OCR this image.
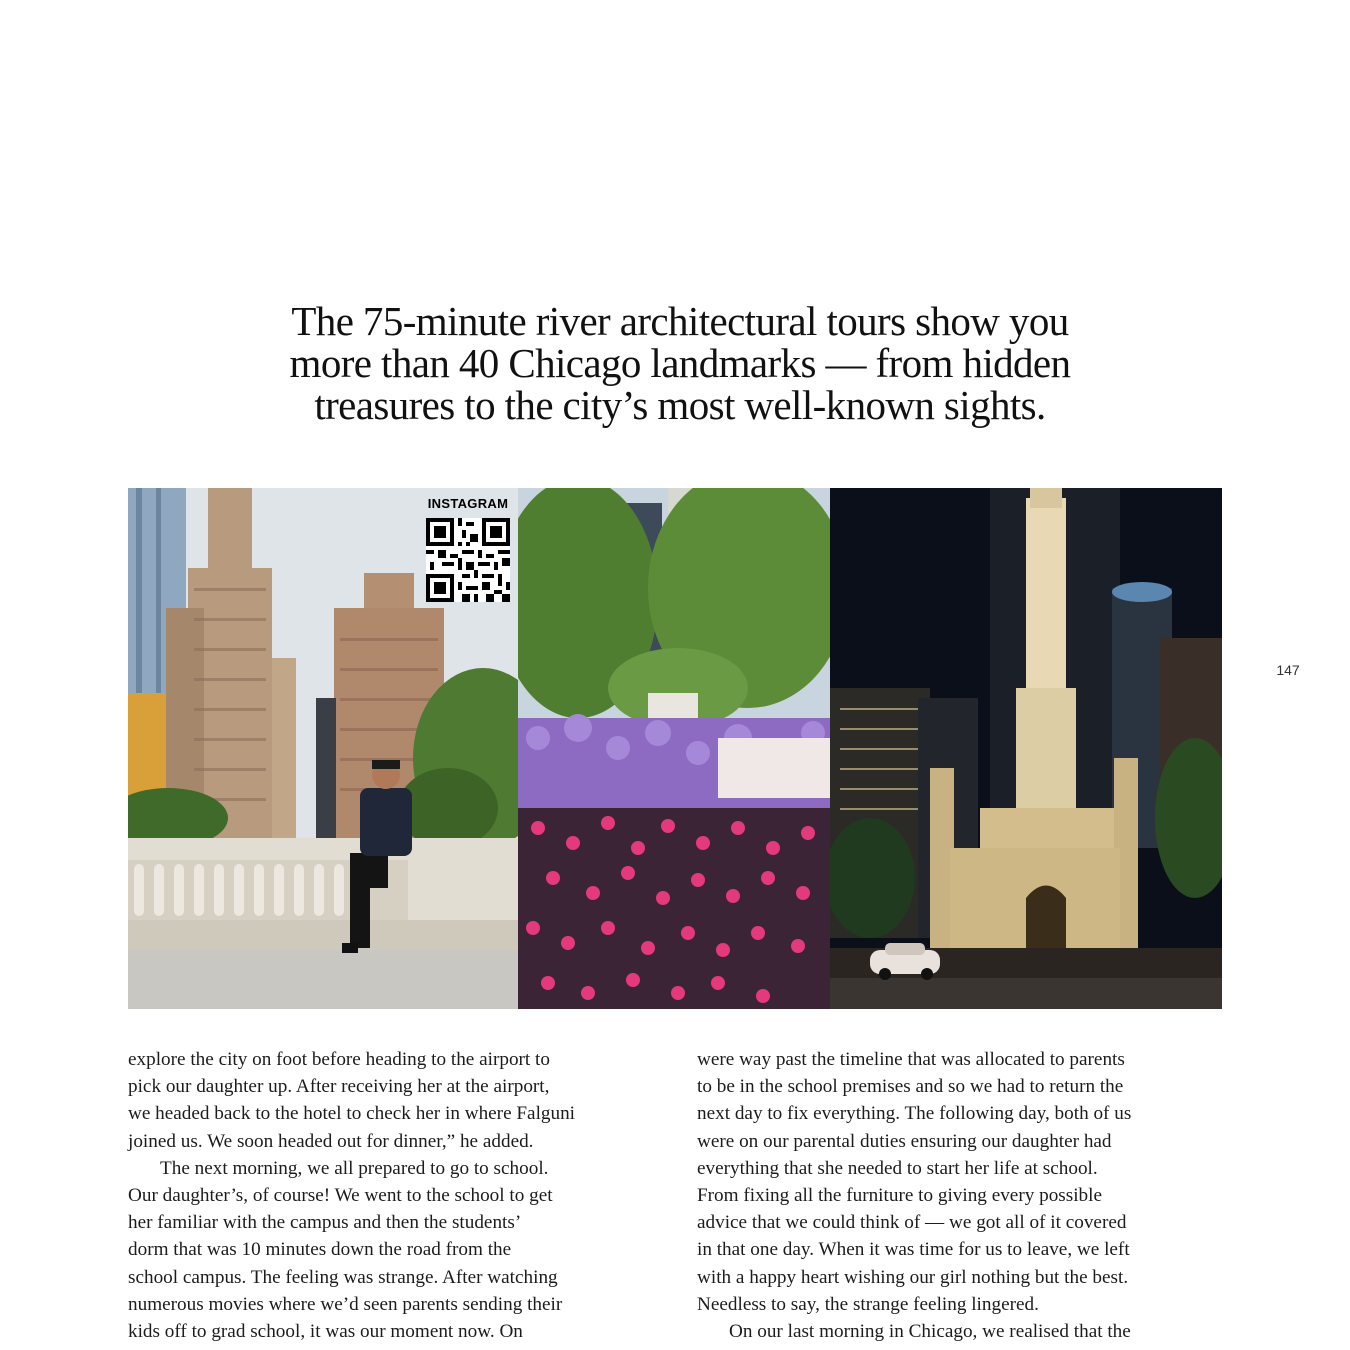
The 75-minute river architectural tours show you
more than 40 Chicago landmarks — from hidden
treasures to the city’s most well-known sights.
INSTAGRAM
147

explore the city on foot before heading to the airport to
pick our daughter up. After receiving her at the airport,
we headed back to the hotel to check her in where Falguni
joined us. We soon headed out for dinner,” he added.

The next morning, we all prepared to go to school.
Our daughter’s, of course! We went to the school to get
her familiar with the campus and then the students’
dorm that was 10 minutes down the road from the
school campus. The feeling was strange. After watching
numerous movies where we’d seen parents sending their
kids off to grad school, it was our moment now. On

were way past the timeline that was allocated to parents
to be in the school premises and so we had to return the
next day to fix everything. The following day, both of us
were on our parental duties ensuring our daughter had
everything that she needed to start her life at school.
From fixing all the furniture to giving every possible
advice that we could think of — we got all of it covered
in that one day. When it was time for us to leave, we left
with a happy heart wishing our girl nothing but the best.
Needless to say, the strange feeling lingered.

On our last morning in Chicago, we realised that the
